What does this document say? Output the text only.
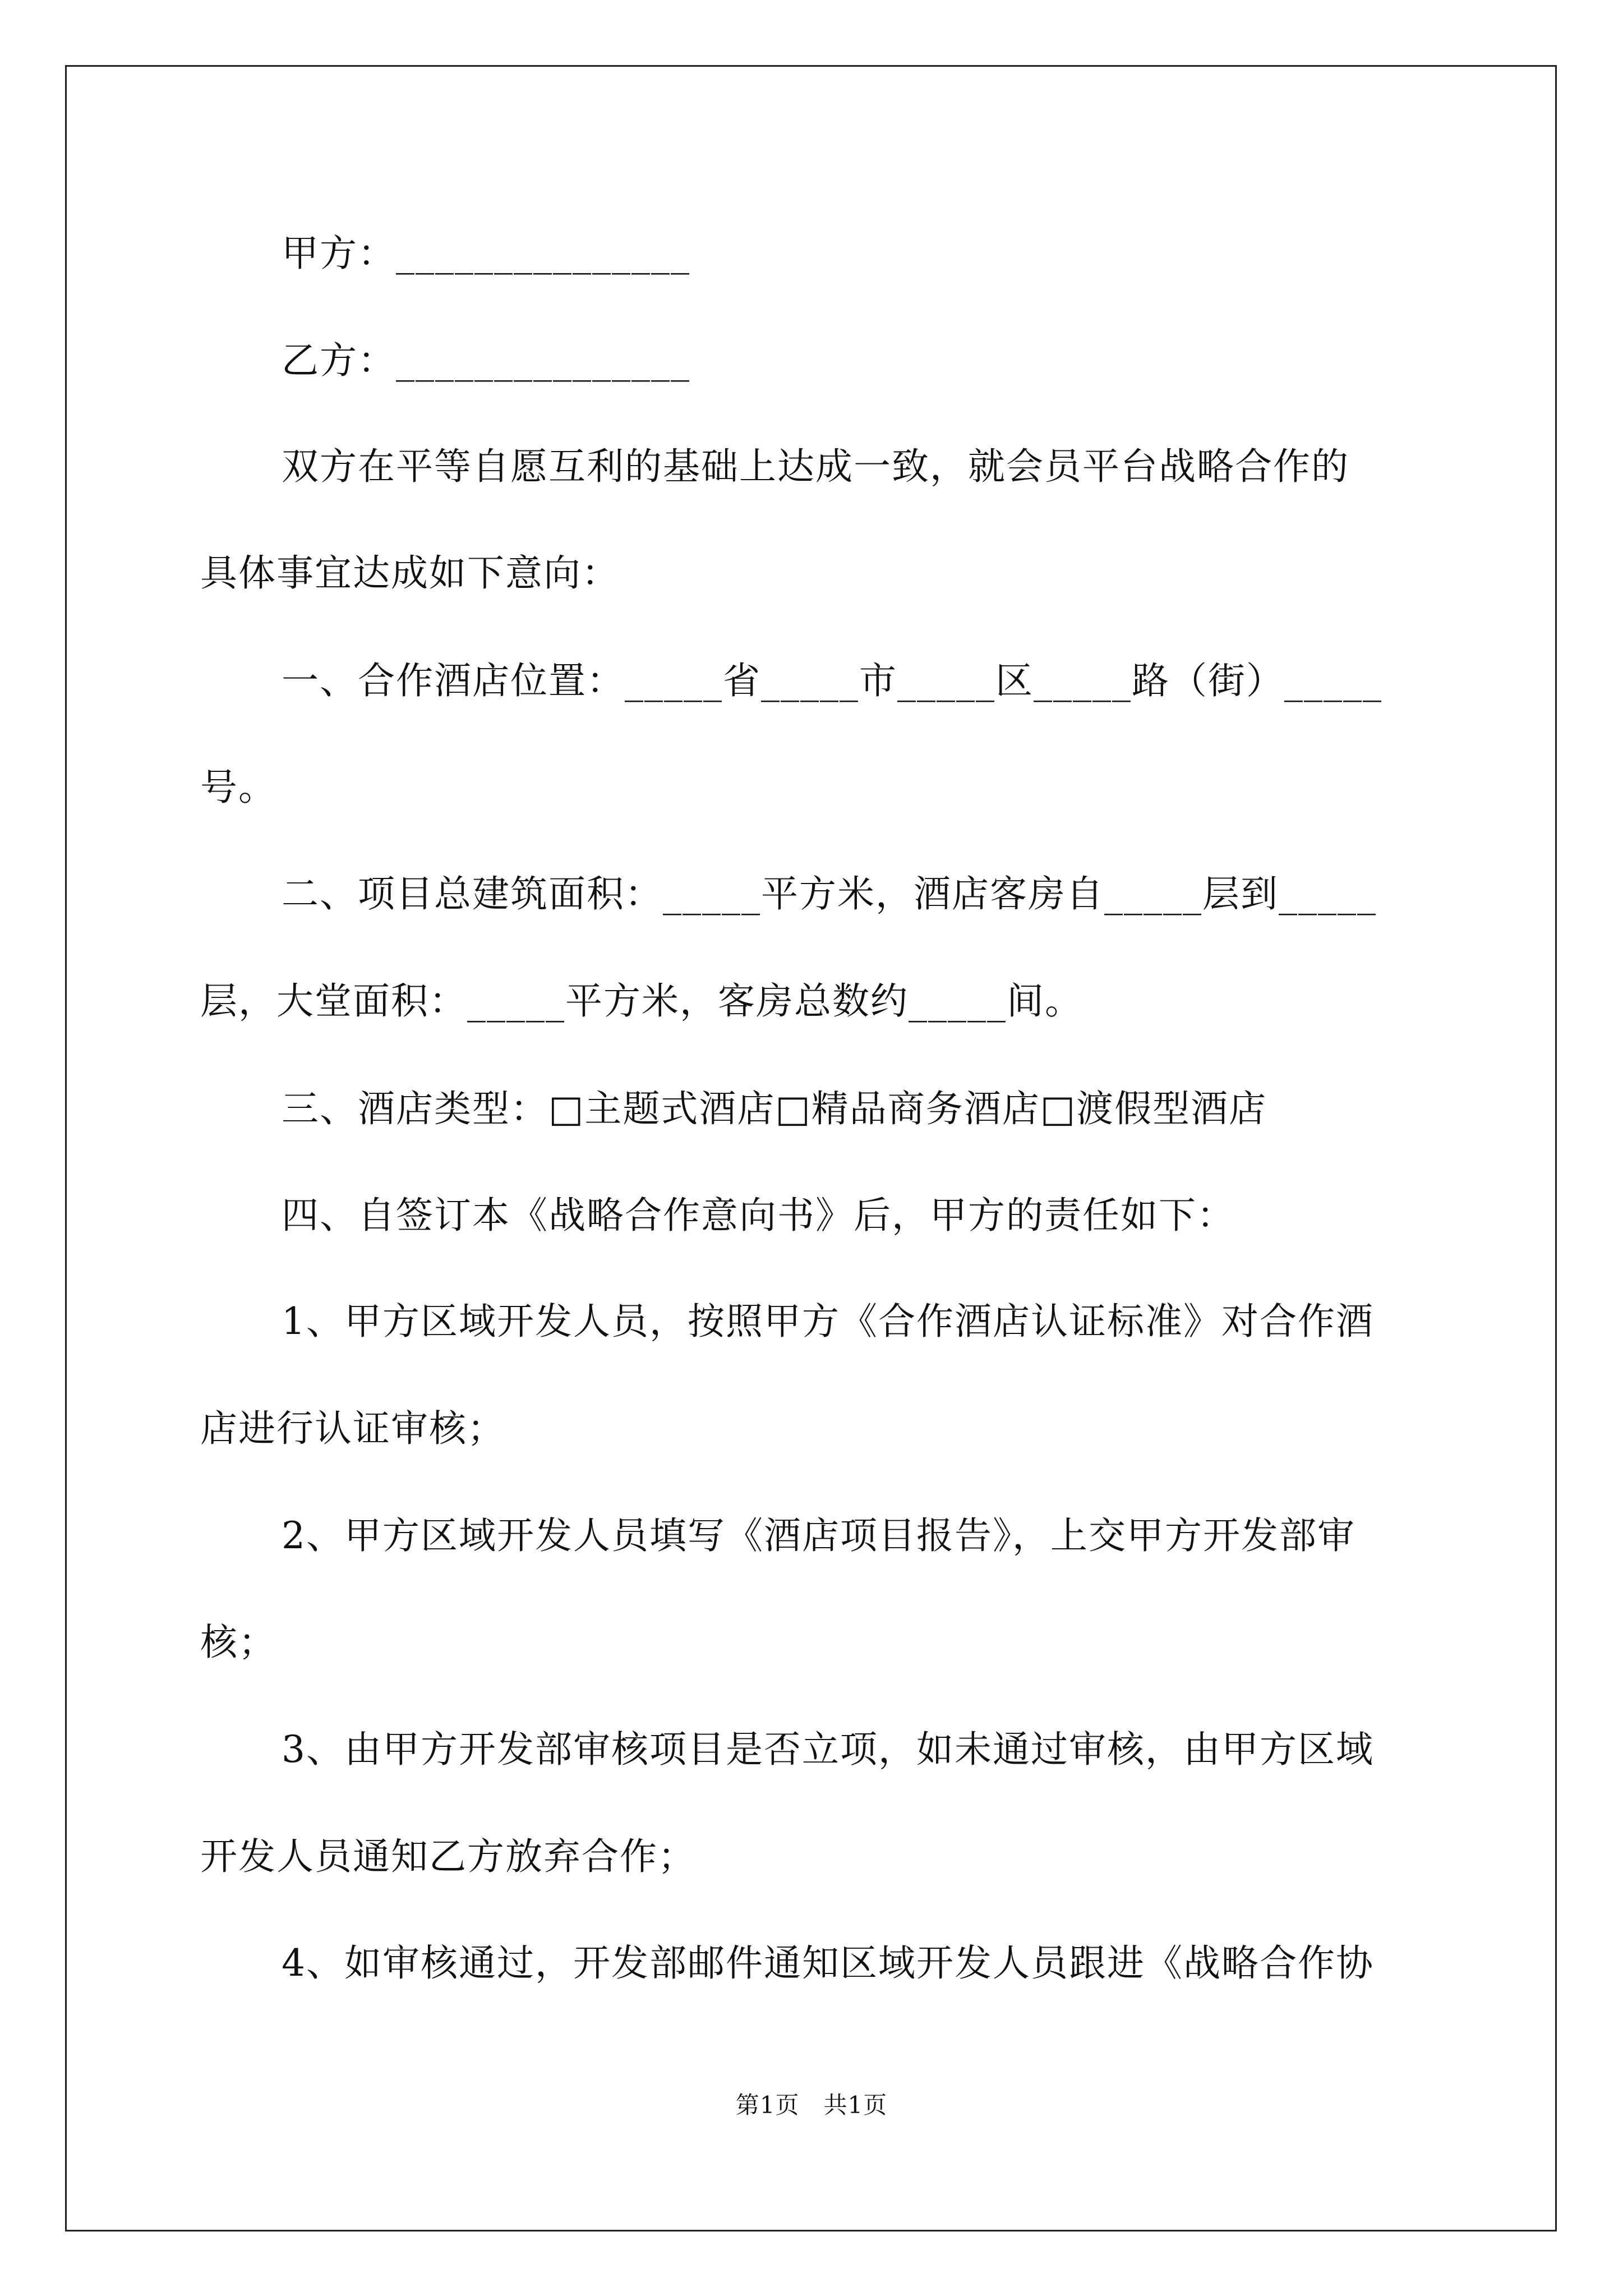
甲方：_______________
乙方：_______________
双方在平等自愿互利的基础上达成一致，就会员平台战略合作的
具体事宜达成如下意向：
一、合作酒店位置：_____省_____市_____区_____路（街）_____
号。
二、项目总建筑面积：_____平方米，酒店客房自_____层到_____
层，大堂面积：_____平方米，客房总数约_____间。
三、酒店类型：□主题式酒店□精品商务酒店□渡假型酒店
四、自签订本《战略合作意向书》后，甲方的责任如下：
1、甲方区域开发人员，按照甲方《合作酒店认证标准》对合作酒
店进行认证审核；
2、甲方区域开发人员填写《酒店项目报告》，上交甲方开发部审
核；
3、由甲方开发部审核项目是否立项，如未通过审核，由甲方区域
开发人员通知乙方放弃合作；
4、如审核通过，开发部邮件通知区域开发人员跟进《战略合作协
第1页　共1页
